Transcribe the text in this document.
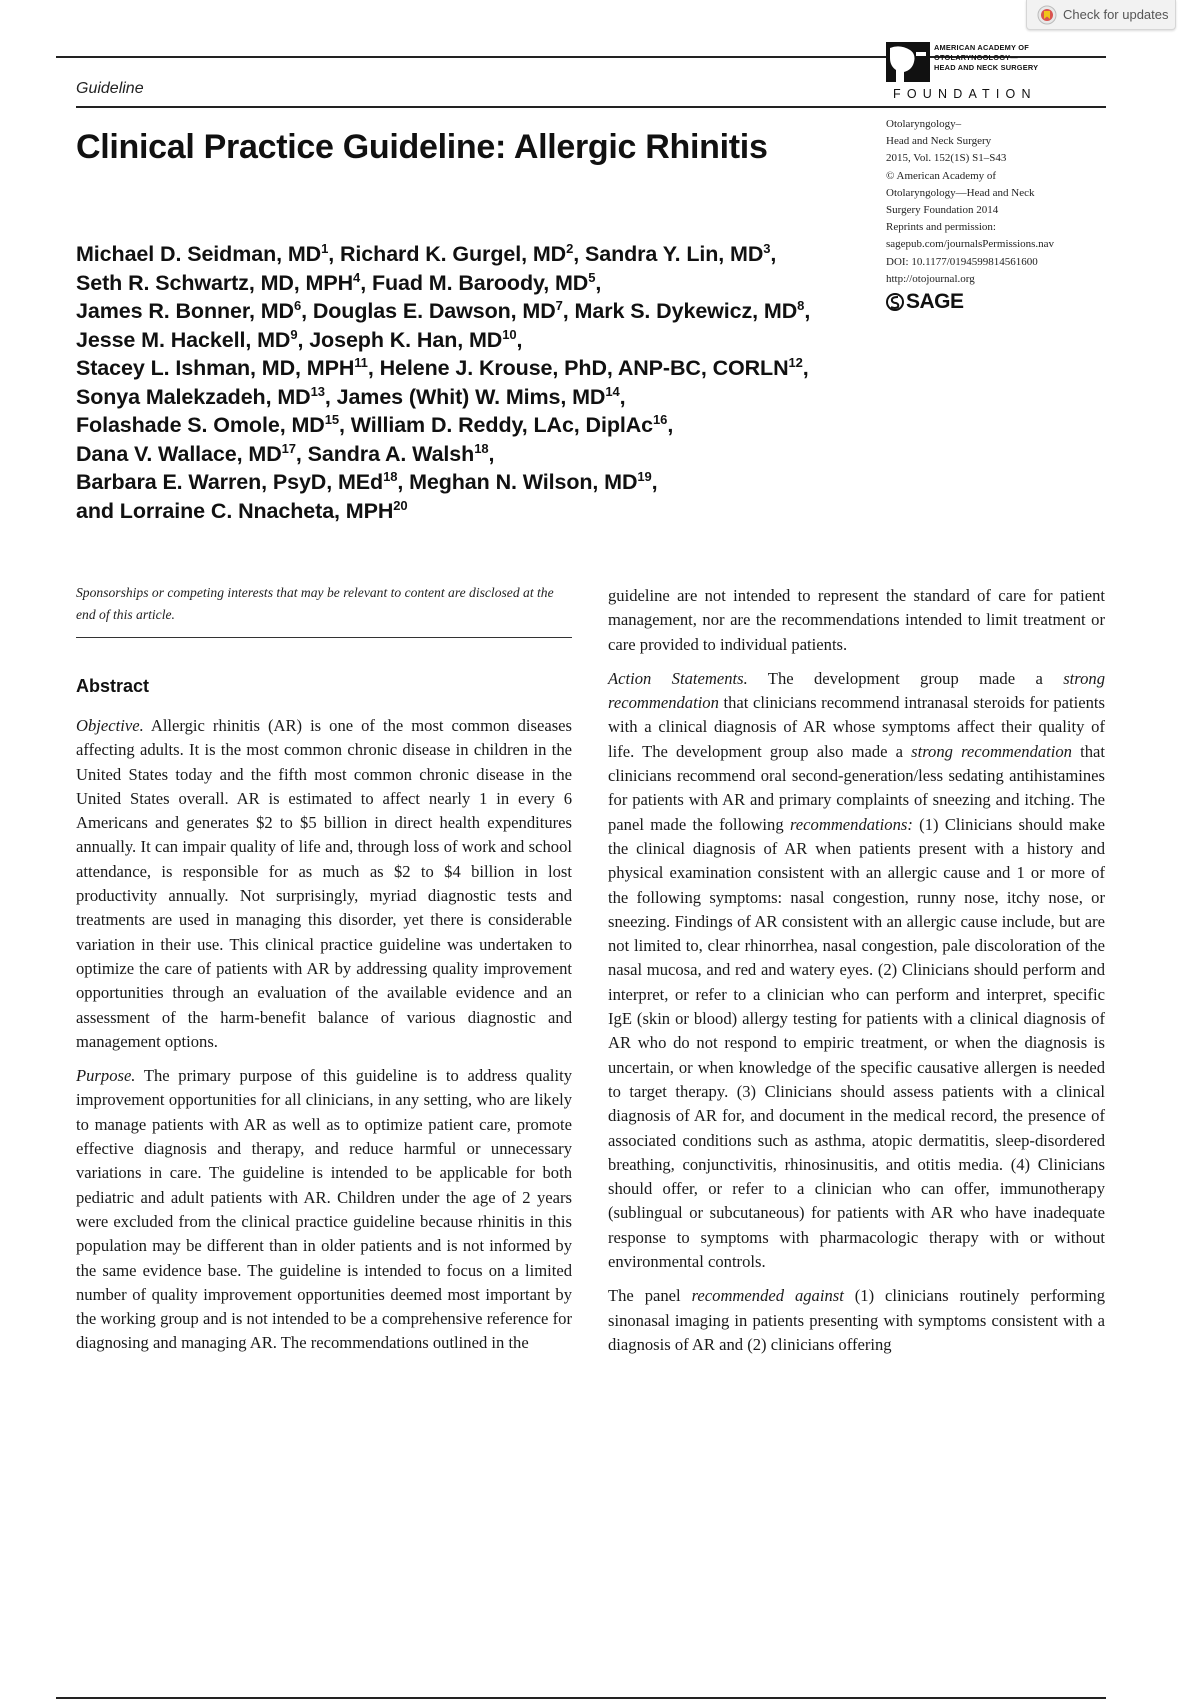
Check for updates
Guideline
AMERICAN ACADEMY OF
OTOLARYNGOLOGY—
HEAD AND NECK SURGERY
FOUNDATION
Otolaryngology–
Head and Neck Surgery
2015, Vol. 152(1S) S1–S43
© American Academy of
Otolaryngology—Head and Neck
Surgery Foundation 2014
Reprints and permission:
sagepub.com/journalsPermissions.nav
DOI: 10.1177/0194599814561600
http://otojournal.org
SAGE
Clinical Practice Guideline: Allergic Rhinitis
Michael D. Seidman, $MD^1$, Richard K. Gurgel, $MD^2$, Sandra Y. Lin, $MD^3$,
Seth R. Schwartz, MD, MPH$^4$, Fuad M. Baroody, $MD^5$,
James R. Bonner, $MD^6$, Douglas E. Dawson, $MD^7$, Mark S. Dykewicz, $MD^8$,
Jesse M. Hackell, $MD^9$, Joseph K. Han, MD$^{10}$,
Stacey L. Ishman, MD, MPH$^{11}$, Helene J. Krouse, PhD, ANP-BC, CORLN$^{12}$,
Sonya Malekzadeh, MD$^{13}$, James (Whit) W. Mims, MD$^{14}$,
Folashade S. Omole, MD$^{15}$, William D. Reddy, LAc, DiplAc$^{16}$,
Dana V. Wallace, MD$^{17}$, Sandra A. Walsh$^{18}$,
Barbara E. Warren, PsyD, MEd$^{18}$, Meghan N. Wilson, MD$^{19}$,
and Lorraine C. Nnacheta, MPH$^{20}$
Sponsorships or competing interests that may be relevant to content are disclosed at the end of this article.
Abstract

Objective. Allergic rhinitis (AR) is one of the most common diseases affecting adults. It is the most common chronic disease in children in the United States today and the fifth most common chronic disease in the United States overall. AR is estimated to affect nearly 1 in every 6 Americans and generates $2 to $5 billion in direct health expenditures annually. It can impair quality of life and, through loss of work and school attendance, is responsible for as much as $2 to $4 billion in lost productivity annually. Not surprisingly, myriad diagnostic tests and treatments are used in managing this disorder, yet there is considerable variation in their use. This clinical practice guideline was undertaken to optimize the care of patients with AR by addressing quality improvement opportunities through an evaluation of the available evidence and an assessment of the harm-benefit balance of various diagnostic and management options.

Purpose. The primary purpose of this guideline is to address quality improvement opportunities for all clinicians, in any setting, who are likely to manage patients with AR as well as to optimize patient care, promote effective diagnosis and therapy, and reduce harmful or unnecessary variations in care. The guideline is intended to be applicable for both pediatric and adult patients with AR. Children under the age of 2 years were excluded from the clinical practice guideline because rhinitis in this population may be different than in older patients and is not informed by the same evidence base. The guideline is intended to focus on a limited number of quality improvement opportunities deemed most important by the working group and is not intended to be a comprehensive reference for diagnosing and managing AR. The recommendations outlined in the

guideline are not intended to represent the standard of care for patient management, nor are the recommendations intended to limit treatment or care provided to individual patients.

Action Statements. The development group made a strong recommendation that clinicians recommend intranasal steroids for patients with a clinical diagnosis of AR whose symptoms affect their quality of life. The development group also made a strong recommendation that clinicians recommend oral second-generation/less sedating antihistamines for patients with AR and primary complaints of sneezing and itching. The panel made the following recommendations: (1) Clinicians should make the clinical diagnosis of AR when patients present with a history and physical examination consistent with an allergic cause and 1 or more of the following symptoms: nasal congestion, runny nose, itchy nose, or sneezing. Findings of AR consistent with an allergic cause include, but are not limited to, clear rhinorrhea, nasal congestion, pale discoloration of the nasal mucosa, and red and watery eyes. (2) Clinicians should perform and interpret, or refer to a clinician who can perform and interpret, specific IgE (skin or blood) allergy testing for patients with a clinical diagnosis of AR who do not respond to empiric treatment, or when the diagnosis is uncertain, or when knowledge of the specific causative allergen is needed to target therapy. (3) Clinicians should assess patients with a clinical diagnosis of AR for, and document in the medical record, the presence of associated conditions such as asthma, atopic dermatitis, sleep-disordered breathing, conjunctivitis, rhinosinusitis, and otitis media. (4) Clinicians should offer, or refer to a clinician who can offer, immunotherapy (sublingual or subcutaneous) for patients with AR who have inadequate response to symptoms with pharmacologic therapy with or without environmental controls.

The panel recommended against (1) clinicians routinely performing sinonasal imaging in patients presenting with symptoms consistent with a diagnosis of AR and (2) clinicians offering
